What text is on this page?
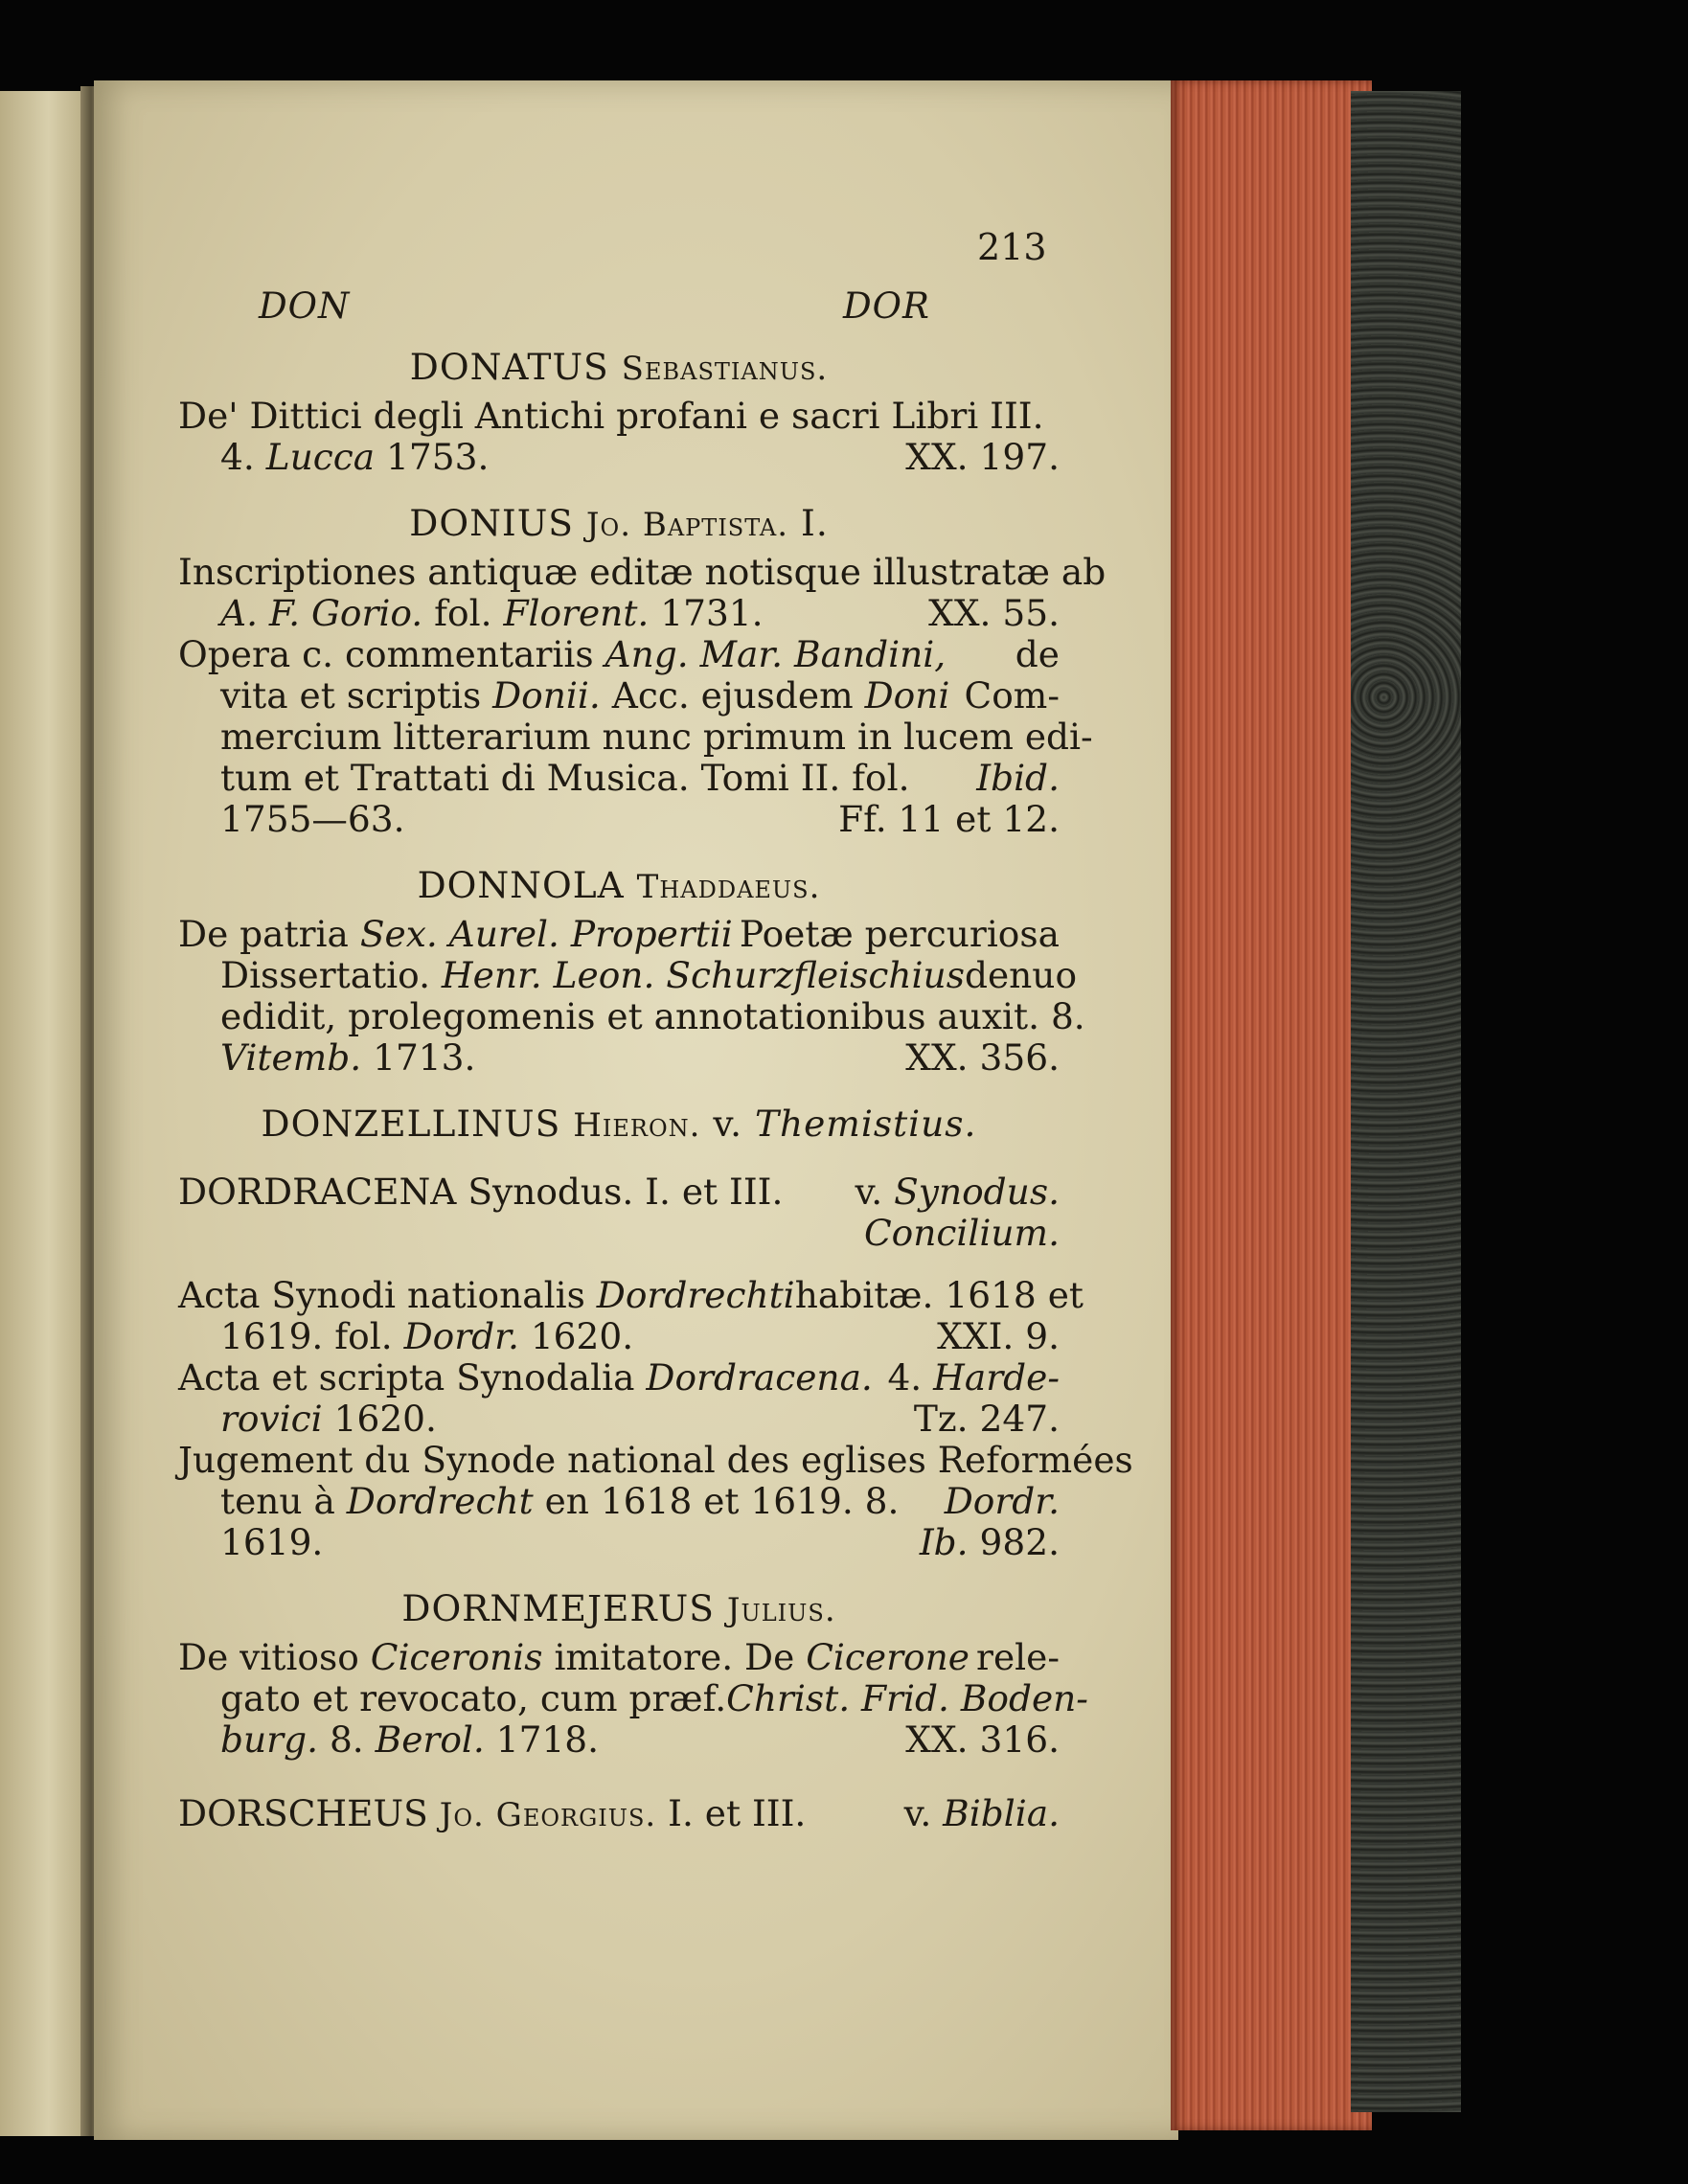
213
DON	DOR
DONATUS Sebastianus.
De' Dittici degli Antichi profani e sacri Libri III.
4. Lucca 1753.	XX. 197.
DONIUS Jo. Baptista. I.
Inscriptiones antiquæ editæ notisque illustratæ ab
A. F. Gorio. fol. Florent. 1731.	XX. 55.
Opera c. commentariis Ang. Mar. Bandini, de
vita et scriptis Donii. Acc. ejusdem Doni Com-
mercium litterarium nunc primum in lucem edi-
tum et Trattati di Musica. Tomi II. fol. Ibid.
1755—63.	Ff. 11 et 12.
DONNOLA Thaddaeus.
De patria Sex. Aurel. Propertii Poetæ percuriosa
Dissertatio. Henr. Leon. Schurzfleischius denuo
edidit, prolegomenis et annotationibus auxit. 8.
Vitemb. 1713.	XX. 356.
DONZELLINUS Hieron. v. Themistius.
DORDRACENA Synodus. I. et III. v. Synodus.
Concilium.
Acta Synodi nationalis Dordrechti habitæ. 1618 et
1619. fol. Dordr. 1620.	XXI. 9.
Acta et scripta Synodalia Dordracena. 4. Harde-
rovici 1620.	Tz. 247.
Jugement du Synode national des eglises Reformées
tenu à Dordrecht en 1618 et 1619. 8. Dordr.
1619.	Ib. 982.
DORNMEJERUS Julius.
De vitioso Ciceronis imitatore. De Cicerone rele-
gato et revocato, cum præf. Christ. Frid. Boden-
burg. 8. Berol. 1718.	XX. 316.
DORSCHEUS Jo. Georgius. I. et III.	v. Biblia.
